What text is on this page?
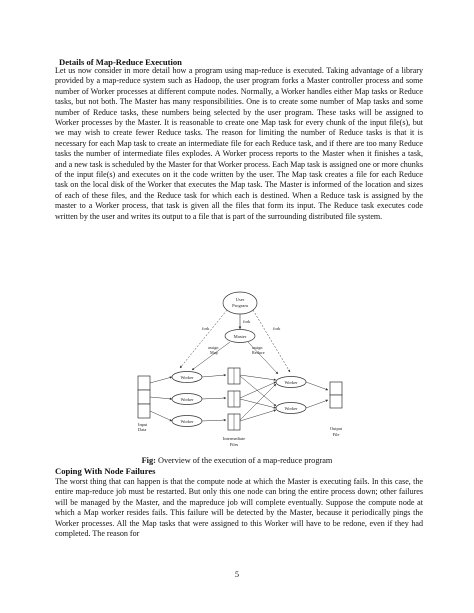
Details of Map-Reduce Execution

Let us now consider in more detail how a program using map-reduce is executed. Taking advantage of a library provided by a map-reduce system such as Hadoop, the user program forks a Master controller process and some number of Worker processes at different compute nodes. Normally, a Worker handles either Map tasks or Reduce tasks, but not both. The Master has many responsibilities. One is to create some number of Map tasks and some number of Reduce tasks, these numbers being selected by the user program. These tasks will be assigned to Worker processes by the Master. It is reasonable to create one Map task for every chunk of the input file(s), but we may wish to create fewer Reduce tasks. The reason for limiting the number of Reduce tasks is that it is necessary for each Map task to create an intermediate file for each Reduce task, and if there are too many Reduce tasks the number of intermediate files explodes. A Worker process reports to the Master when it finishes a task, and a new task is scheduled by the Master for that Worker process. Each Map task is assigned one or more chunks of the input file(s) and executes on it the code written by the user. The Map task creates a file for each Reduce task on the local disk of the Worker that executes the Map task. The Master is informed of the location and sizes of each of these files, and the Reduce task for which each is destined. When a Reduce task is assigned by the master to a Worker process, that task is given all the files that form its input. The Reduce task executes code written by the user and writes its output to a file that is part of the surrounding distributed file system.

User
Program
Master
fork
fork	fork
assign
Map
assign
Reduce
Input
Data
Worker
Worker
Worker
Intermediate
Files
Worker
Worker
Output
File
Fig: Overview of the execution of a map-reduce program
Coping With Node Failures

The worst thing that can happen is that the compute node at which the Master is executing fails. In this case, the entire map-reduce job must be restarted. But only this one node can bring the entire process down; other failures will be managed by the Master, and the mapreduce job will complete eventually. Suppose the compute node at which a Map worker resides fails. This failure will be detected by the Master, because it periodically pings the Worker processes. All the Map tasks that were assigned to this Worker will have to be redone, even if they had completed. The reason for

5
